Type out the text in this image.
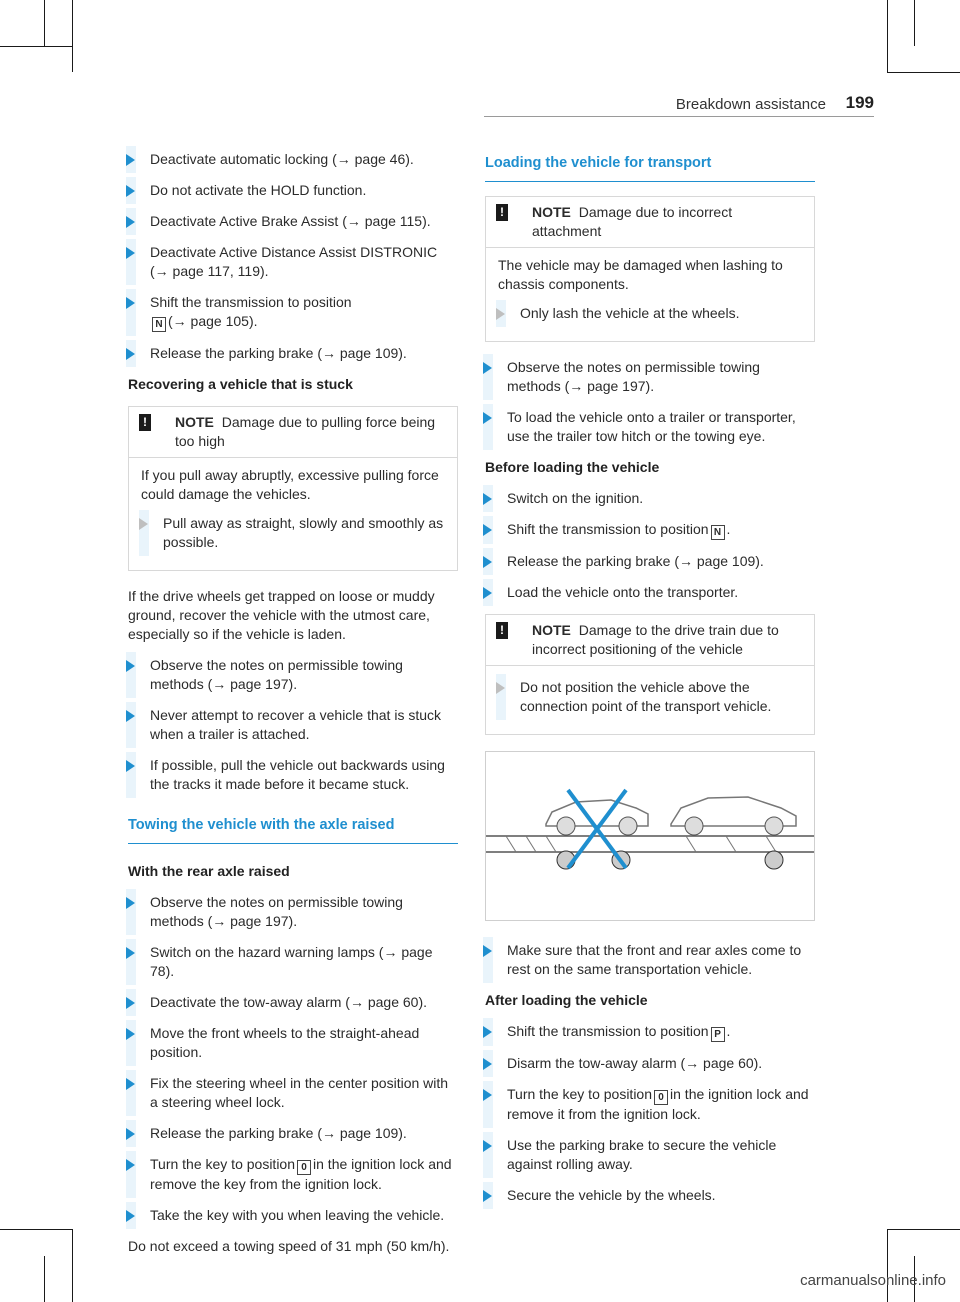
Breakdown assistance 199
Deactivate automatic locking (→ page 46).
Do not activate the HOLD function.
Deactivate Active Brake Assist (→ page 115).
Deactivate Active Distance Assist DISTRONIC (→ page 117, 119).
Shift the transmission to position
N (→ page 105).
Release the parking brake (→ page 109).
Recovering a vehicle that is stuck
! NOTE Damage due to pulling force being too high

If you pull away abruptly, excessive pulling force could damage the vehicles.

Pull away as straight, slowly and smoothly as possible.

If the drive wheels get trapped on loose or muddy ground, recover the vehicle with the utmost care, especially so if the vehicle is laden.

Observe the notes on permissible towing methods (→ page 197).
Never attempt to recover a vehicle that is stuck when a trailer is attached.
If possible, pull the vehicle out backwards using the tracks it made before it became stuck.
Towing the vehicle with the axle raised
With the rear axle raised
Observe the notes on permissible towing methods (→ page 197).
Switch on the hazard warning lamps (→ page 78).
Deactivate the tow-away alarm (→ page 60).
Move the front wheels to the straight-ahead position.
Fix the steering wheel in the center position with a steering wheel lock.
Release the parking brake (→ page 109).
Turn the key to position 0 in the ignition lock and remove the key from the ignition lock.
Take the key with you when leaving the vehicle.

Do not exceed a towing speed of 31 mph (50 km/h).

Loading the vehicle for transport
! NOTE Damage due to incorrect attachment

The vehicle may be damaged when lashing to chassis components.

Only lash the vehicle at the wheels.
Observe the notes on permissible towing methods (→ page 197).
To load the vehicle onto a trailer or transporter, use the trailer tow hitch or the towing eye.
Before loading the vehicle
Switch on the ignition.
Shift the transmission to position N .
Release the parking brake (→ page 109).
Load the vehicle onto the transporter.
! NOTE Damage to the drive train due to incorrect positioning of the vehicle
Do not position the vehicle above the connection point of the transport vehicle.
Make sure that the front and rear axles come to rest on the same transportation vehicle.
After loading the vehicle
Shift the transmission to position P .
Disarm the tow-away alarm (→ page 60).
Turn the key to position 0 in the ignition lock and remove it from the ignition lock.
Use the parking brake to secure the vehicle against rolling away.
Secure the vehicle by the wheels.
carmanualsonline.info
